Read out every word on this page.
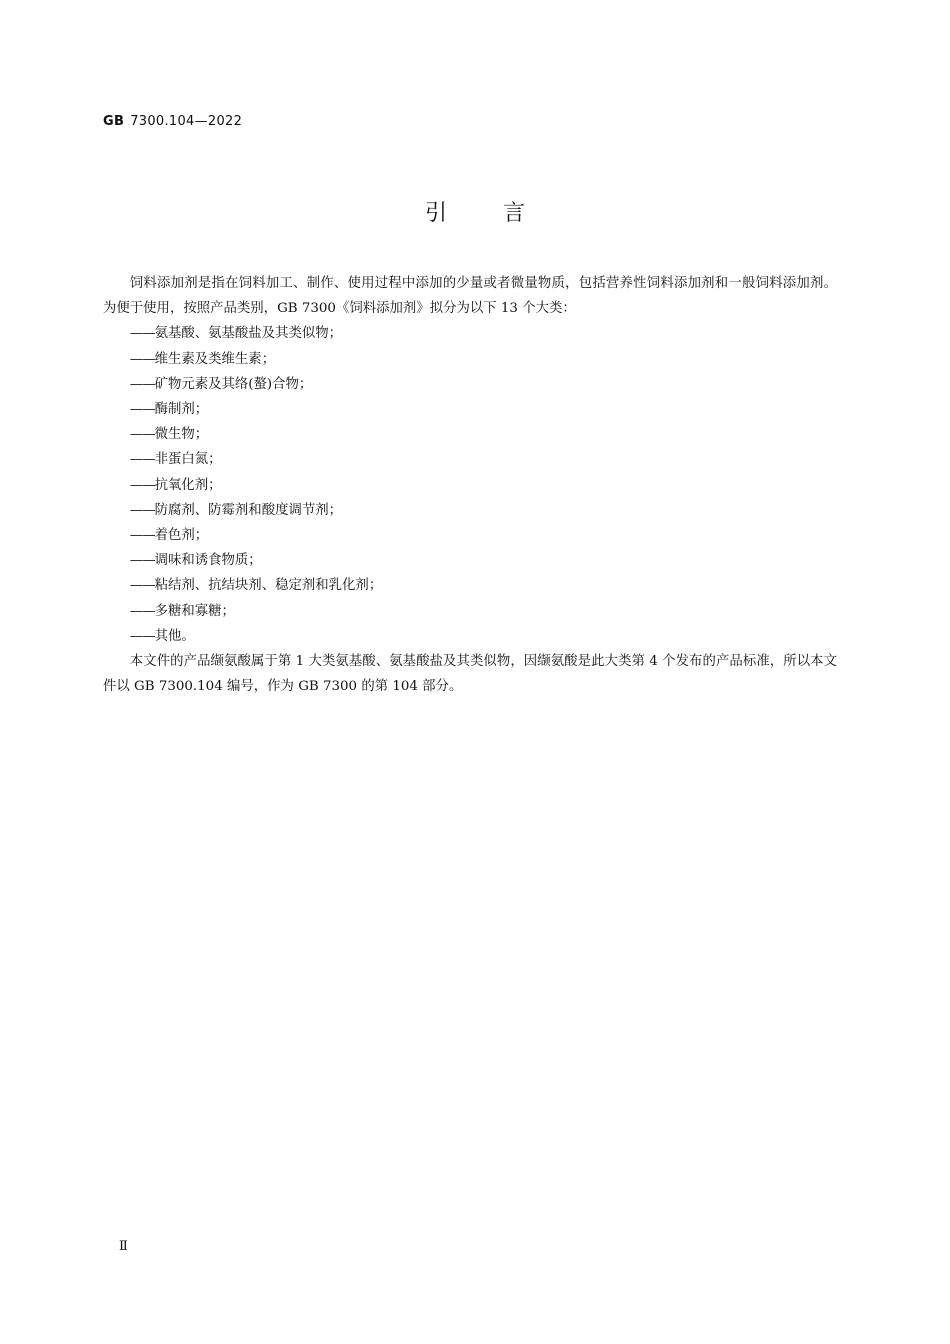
GB 7300.104—2022
引言

饲料添加剂是指在饲料加工、制作、使用过程中添加的少量或者微量物质，包括营养性饲料添加剂和一般饲料添加剂。为便于使用，按照产品类别，GB 7300《饲料添加剂》拟分为以下 13 个大类：

——氨基酸、氨基酸盐及其类似物；
——维生素及类维生素；
——矿物元素及其络(螯)合物；
——酶制剂；
——微生物；
——非蛋白氮；
——抗氧化剂；
——防腐剂、防霉剂和酸度调节剂；
——着色剂；
——调味和诱食物质；
——粘结剂、抗结块剂、稳定剂和乳化剂；
——多糖和寡糖；
——其他。

本文件的产品缬氨酸属于第 1 大类氨基酸、氨基酸盐及其类似物，因缬氨酸是此大类第 4 个发布的产品标准，所以本文件以 GB 7300.104 编号，作为 GB 7300 的第 104 部分。

Ⅱ
